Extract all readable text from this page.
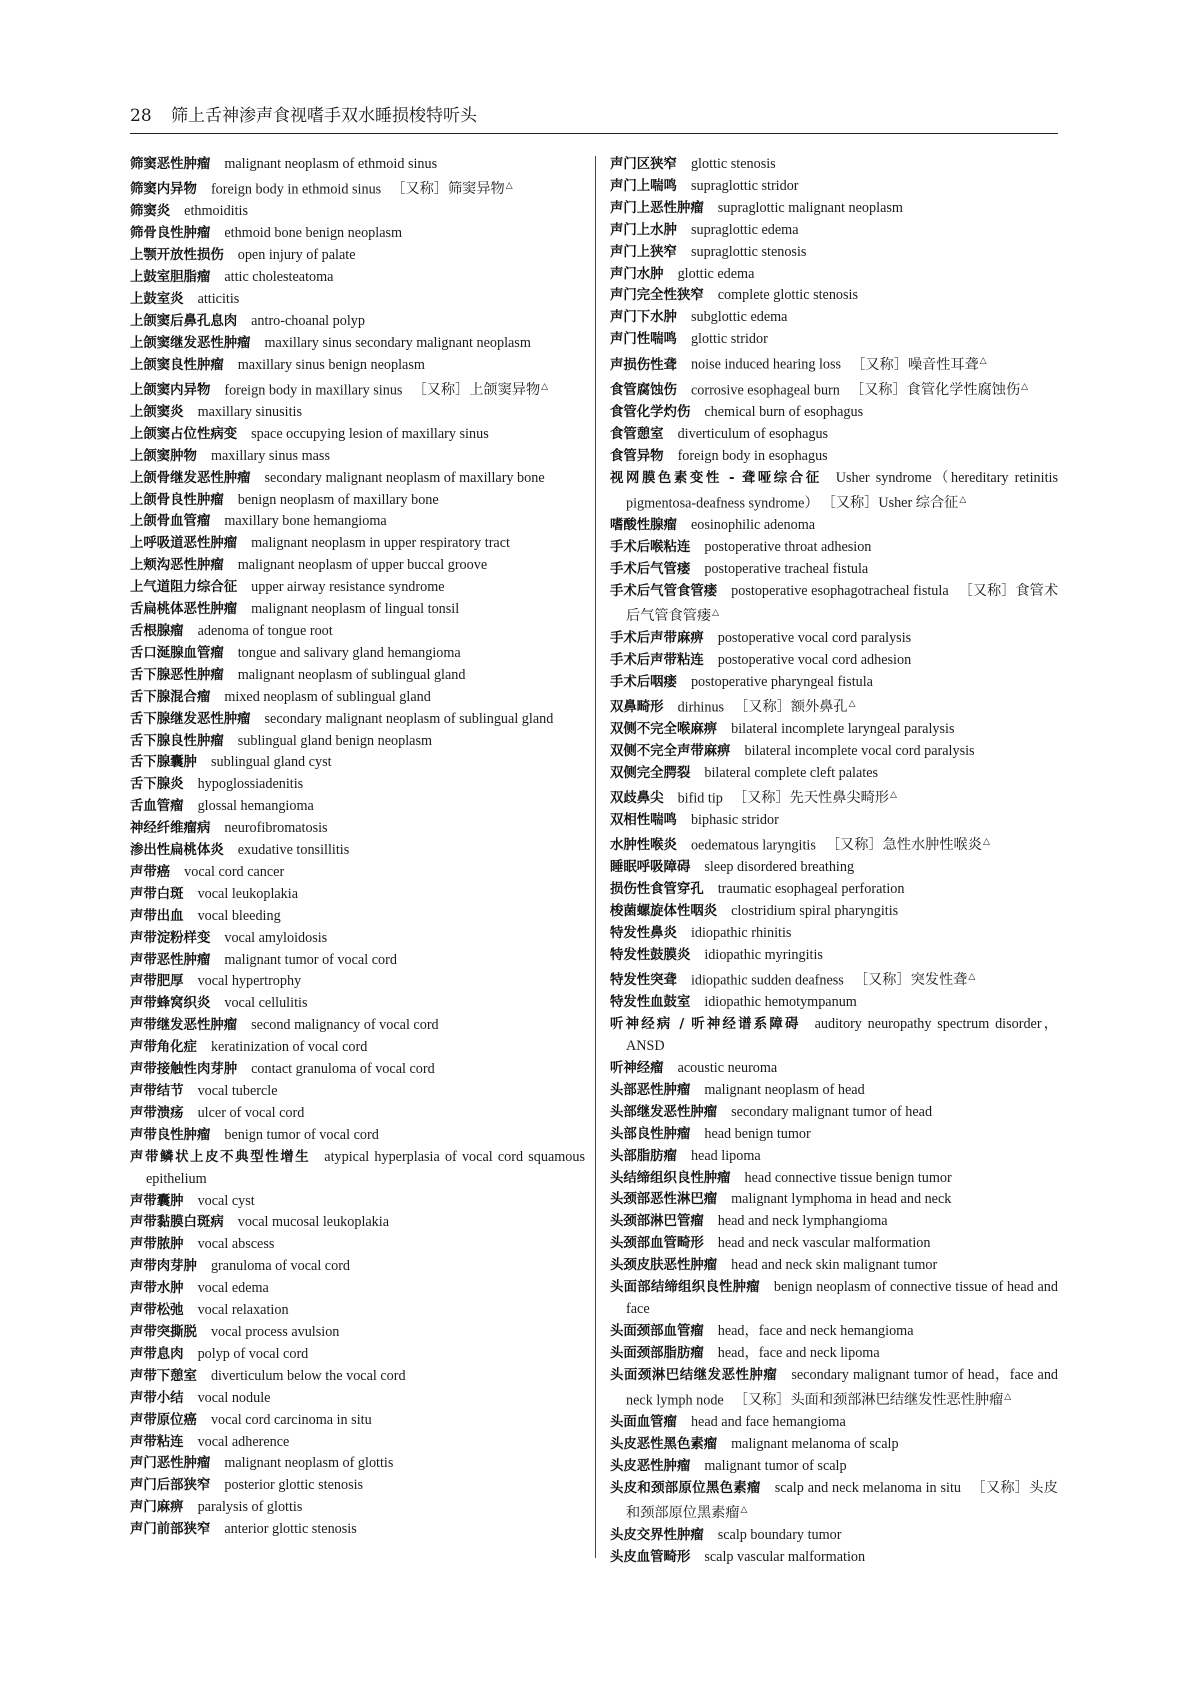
28 筛上舌神渗声食视嗜手双水睡损梭特听头

筛窦恶性肿瘤 malignant neoplasm of ethmoid sinus

筛窦内异物 foreign body in ethmoid sinus ［又称］筛窦异物△

筛窦炎 ethmoiditis

筛骨良性肿瘤 ethmoid bone benign neoplasm

上颚开放性损伤 open injury of palate

上鼓室胆脂瘤 attic cholesteatoma

上鼓室炎 atticitis

上颌窦后鼻孔息肉 antro-choanal polyp

上颌窦继发恶性肿瘤 maxillary sinus secondary malignant neoplasm

上颌窦良性肿瘤 maxillary sinus benign neoplasm

上颌窦内异物 foreign body in maxillary sinus ［又称］上颌窦异物△

上颌窦炎 maxillary sinusitis

上颌窦占位性病变 space occupying lesion of maxillary sinus

上颌窦肿物 maxillary sinus mass

上颌骨继发恶性肿瘤 secondary malignant neoplasm of maxillary bone

上颌骨良性肿瘤 benign neoplasm of maxillary bone

上颌骨血管瘤 maxillary bone hemangioma

上呼吸道恶性肿瘤 malignant neoplasm in upper respiratory tract

上颊沟恶性肿瘤 malignant neoplasm of upper buccal groove

上气道阻力综合征 upper airway resistance syndrome

舌扁桃体恶性肿瘤 malignant neoplasm of lingual tonsil

舌根腺瘤 adenoma of tongue root

舌口涎腺血管瘤 tongue and salivary gland hemangioma

舌下腺恶性肿瘤 malignant neoplasm of sublingual gland

舌下腺混合瘤 mixed neoplasm of sublingual gland

舌下腺继发恶性肿瘤 secondary malignant neoplasm of sublingual gland

舌下腺良性肿瘤 sublingual gland benign neoplasm

舌下腺囊肿 sublingual gland cyst

舌下腺炎 hypoglossiadenitis

舌血管瘤 glossal hemangioma

神经纤维瘤病 neurofibromatosis

渗出性扁桃体炎 exudative tonsillitis

声带癌 vocal cord cancer

声带白斑 vocal leukoplakia

声带出血 vocal bleeding

声带淀粉样变 vocal amyloidosis

声带恶性肿瘤 malignant tumor of vocal cord

声带肥厚 vocal hypertrophy

声带蜂窝织炎 vocal cellulitis

声带继发恶性肿瘤 second malignancy of vocal cord

声带角化症 keratinization of vocal cord

声带接触性肉芽肿 contact granuloma of vocal cord

声带结节 vocal tubercle

声带溃疡 ulcer of vocal cord

声带良性肿瘤 benign tumor of vocal cord

声带鳞状上皮不典型性增生 atypical hyperplasia of vocal cord squamous epithelium

声带囊肿 vocal cyst

声带黏膜白斑病 vocal mucosal leukoplakia

声带脓肿 vocal abscess

声带肉芽肿 granuloma of vocal cord

声带水肿 vocal edema

声带松弛 vocal relaxation

声带突撕脱 vocal process avulsion

声带息肉 polyp of vocal cord

声带下憩室 diverticulum below the vocal cord

声带小结 vocal nodule

声带原位癌 vocal cord carcinoma in situ

声带粘连 vocal adherence

声门恶性肿瘤 malignant neoplasm of glottis

声门后部狭窄 posterior glottic stenosis

声门麻痹 paralysis of glottis

声门前部狭窄 anterior glottic stenosis

声门区狭窄 glottic stenosis

声门上喘鸣 supraglottic stridor

声门上恶性肿瘤 supraglottic malignant neoplasm

声门上水肿 supraglottic edema

声门上狭窄 supraglottic stenosis

声门水肿 glottic edema

声门完全性狭窄 complete glottic stenosis

声门下水肿 subglottic edema

声门性喘鸣 glottic stridor

声损伤性聋 noise induced hearing loss ［又称］噪音性耳聋△

食管腐蚀伤 corrosive esophageal burn ［又称］食管化学性腐蚀伤△

食管化学灼伤 chemical burn of esophagus

食管憩室 diverticulum of esophagus

食管异物 foreign body in esophagus

视网膜色素变性 - 聋哑综合征 Usher syndrome（hereditary retinitis pigmentosa-deafness syndrome） ［又称］Usher 综合征△

嗜酸性腺瘤 eosinophilic adenoma

手术后喉粘连 postoperative throat adhesion

手术后气管瘘 postoperative tracheal fistula

手术后气管食管瘘 postoperative esophagotracheal fistula ［又称］食管术后气管食管瘘△

手术后声带麻痹 postoperative vocal cord paralysis

手术后声带粘连 postoperative vocal cord adhesion

手术后咽瘘 postoperative pharyngeal fistula

双鼻畸形 dirhinus ［又称］额外鼻孔△

双侧不完全喉麻痹 bilateral incomplete laryngeal paralysis

双侧不完全声带麻痹 bilateral incomplete vocal cord paralysis

双侧完全腭裂 bilateral complete cleft palates

双歧鼻尖 bifid tip ［又称］先天性鼻尖畸形△

双相性喘鸣 biphasic stridor

水肿性喉炎 oedematous laryngitis ［又称］急性水肿性喉炎△

睡眠呼吸障碍 sleep disordered breathing

损伤性食管穿孔 traumatic esophageal perforation

梭菌螺旋体性咽炎 clostridium spiral pharyngitis

特发性鼻炎 idiopathic rhinitis

特发性鼓膜炎 idiopathic myringitis

特发性突聋 idiopathic sudden deafness ［又称］突发性聋△

特发性血鼓室 idiopathic hemotympanum

听神经病 / 听神经谱系障碍 auditory neuropathy spectrum disorder，ANSD

听神经瘤 acoustic neuroma

头部恶性肿瘤 malignant neoplasm of head

头部继发恶性肿瘤 secondary malignant tumor of head

头部良性肿瘤 head benign tumor

头部脂肪瘤 head lipoma

头结缔组织良性肿瘤 head connective tissue benign tumor

头颈部恶性淋巴瘤 malignant lymphoma in head and neck

头颈部淋巴管瘤 head and neck lymphangioma

头颈部血管畸形 head and neck vascular malformation

头颈皮肤恶性肿瘤 head and neck skin malignant tumor

头面部结缔组织良性肿瘤 benign neoplasm of connective tissue of head and face

头面颈部血管瘤 head，face and neck hemangioma

头面颈部脂肪瘤 head，face and neck lipoma

头面颈淋巴结继发恶性肿瘤 secondary malignant tumor of head，face and neck lymph node ［又称］头面和颈部淋巴结继发性恶性肿瘤△

头面血管瘤 head and face hemangioma

头皮恶性黑色素瘤 malignant melanoma of scalp

头皮恶性肿瘤 malignant tumor of scalp

头皮和颈部原位黑色素瘤 scalp and neck melanoma in situ ［又称］头皮和颈部原位黑素瘤△

头皮交界性肿瘤 scalp boundary tumor

头皮血管畸形 scalp vascular malformation
